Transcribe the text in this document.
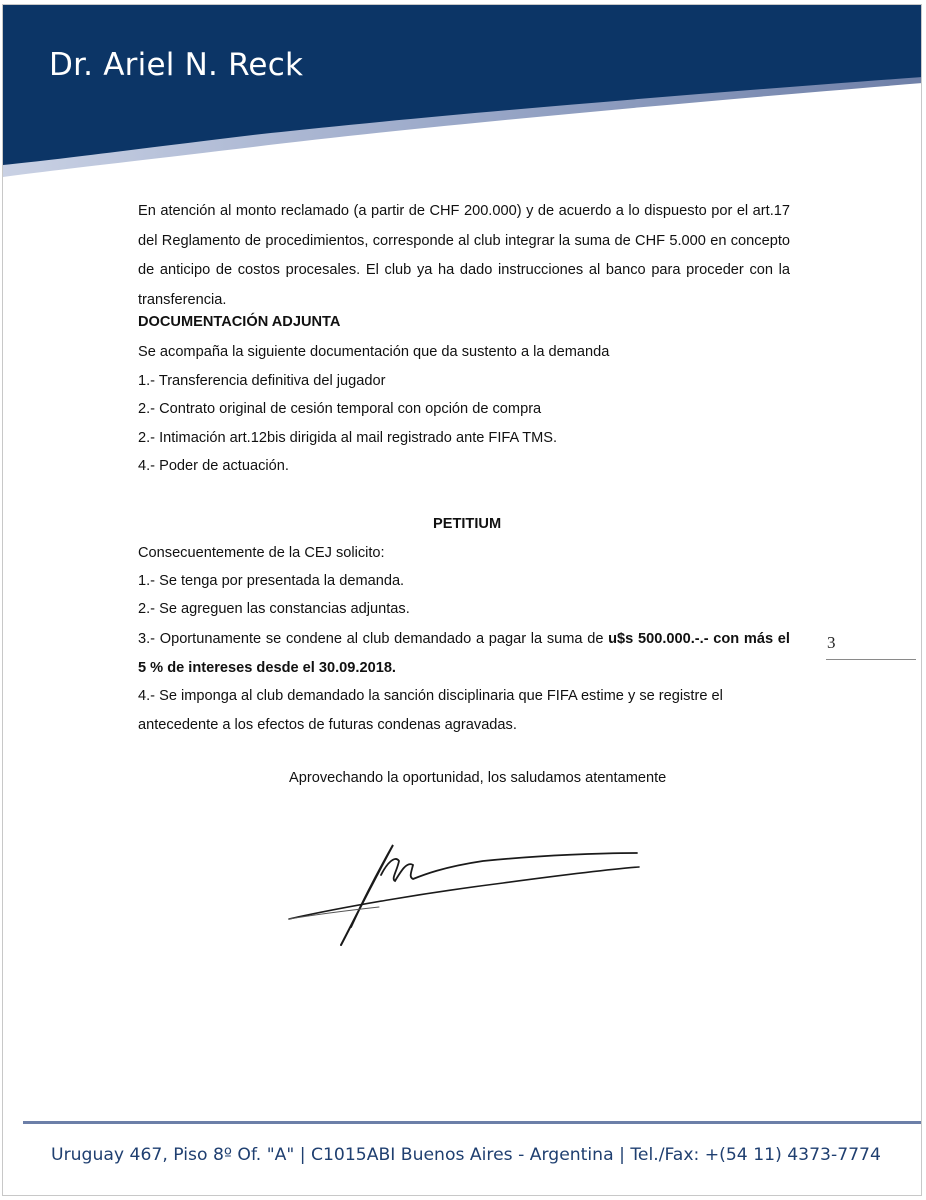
Dr. Ariel N. Reck

En atención al monto reclamado (a partir de CHF 200.000) y de acuerdo a lo dispuesto por el art.17 del Reglamento de procedimientos, corresponde al club integrar la suma de CHF 5.000 en concepto de anticipo de costos procesales. El club ya ha dado instrucciones al banco para proceder con la transferencia.

DOCUMENTACIÓN ADJUNTA
Se acompaña la siguiente documentación que da sustento a la demanda
1.- Transferencia definitiva del jugador
2.- Contrato original de cesión temporal con opción de compra
2.- Intimación art.12bis dirigida al mail registrado ante FIFA TMS.
4.- Poder de actuación.
PETITIUM
Consecuentemente de la CEJ solicito:
1.- Se tenga por presentada la demanda.
2.- Se agreguen las constancias adjuntas.

3.- Oportunamente se condene al club demandado a pagar la suma de u$s 500.000.-.- con más el 5 % de intereses desde el 30.09.2018.

4.- Se imponga al club demandado la sanción disciplinaria que FIFA estime y se registre el antecedente a los efectos de futuras condenas agravadas.

3
Aprovechando la oportunidad, los saludamos atentamente
Uruguay 467, Piso 8º Of. "A" | C1015ABI Buenos Aires - Argentina | Tel./Fax: +(54 11) 4373-7774
